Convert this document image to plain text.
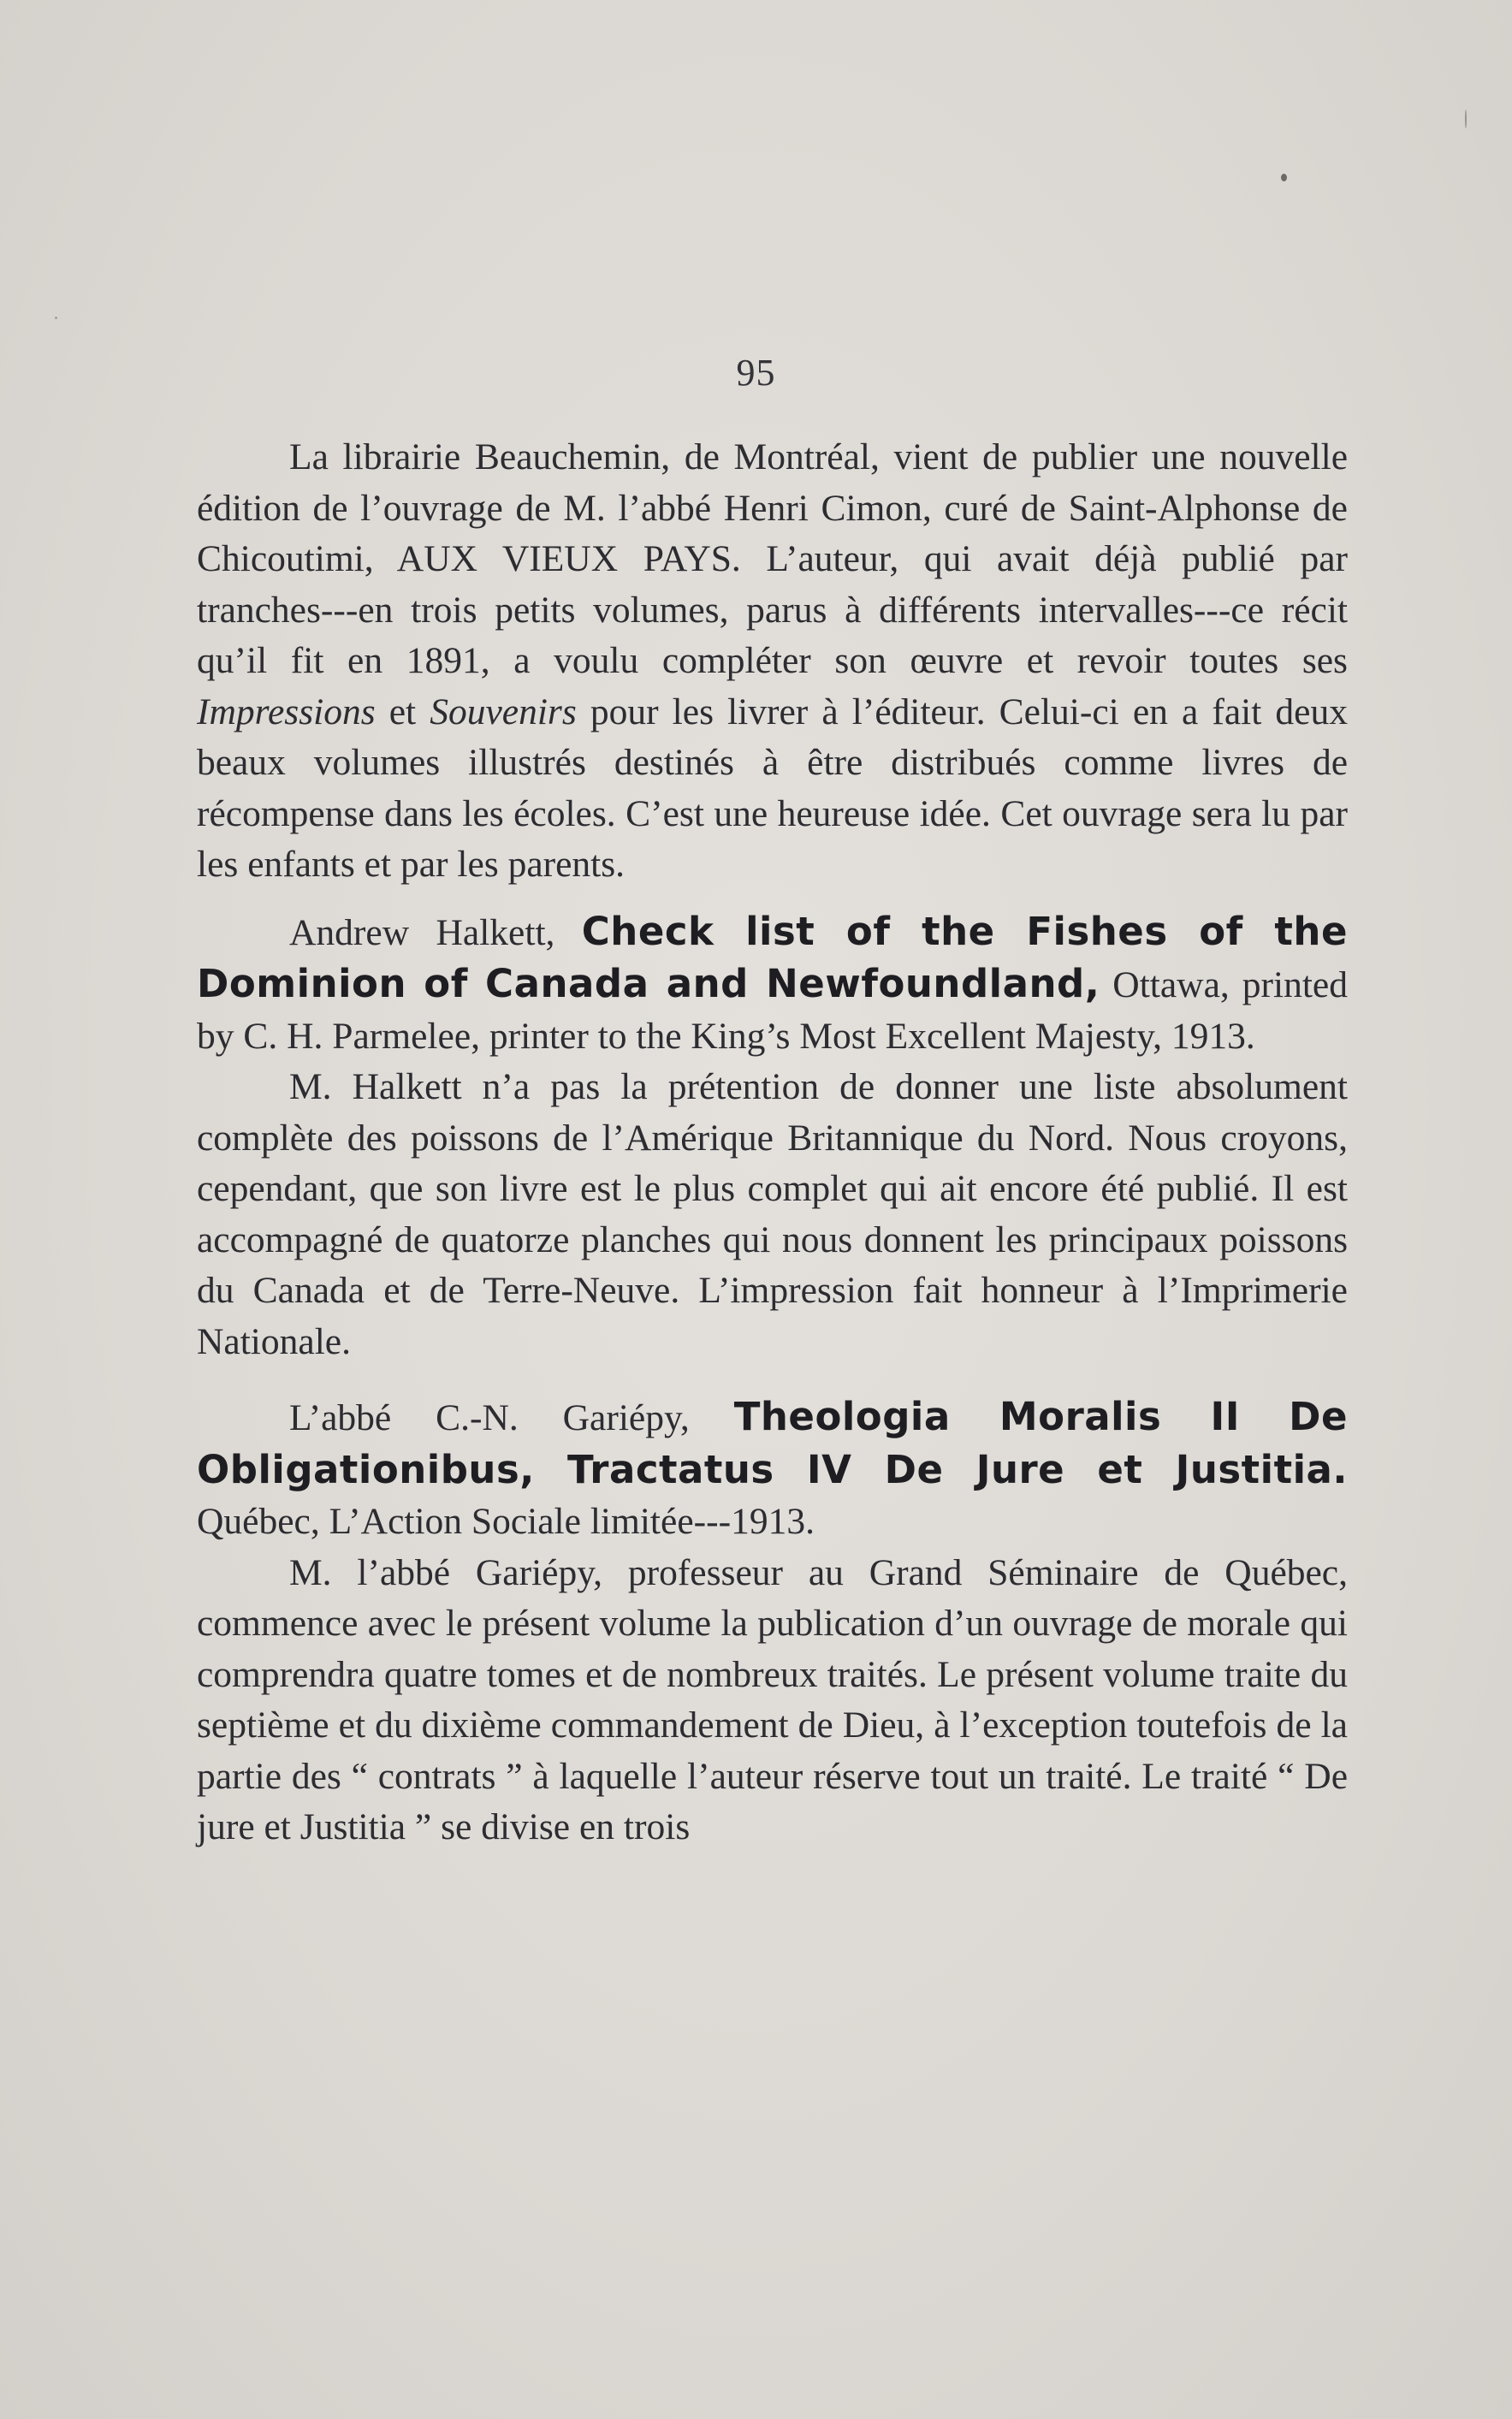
95

La librairie Beauchemin, de Montréal, vient de publier une nouvelle édition de l’ouvrage de M. l’abbé Henri Cimon, curé de Saint-Alphonse de Chicoutimi, AUX VIEUX PAYS. L’auteur, qui avait déjà publié par tranches---en trois petits volumes, parus à différents intervalles---ce récit qu’il fit en 1891, a voulu compléter son œuvre et revoir toutes ses Impressions et Souvenirs pour les livrer à l’éditeur. Celui-ci en a fait deux beaux volumes illustrés destinés à être distribués comme livres de récompense dans les écoles. C’est une heureuse idée. Cet ouvrage sera lu par les enfants et par les parents.

Andrew Halkett, Check list of the Fishes of the Dominion of Canada and Newfoundland, Ottawa, printed by C. H. Parmelee, printer to the King’s Most Excellent Majesty, 1913.

M. Halkett n’a pas la prétention de donner une liste absolument complète des poissons de l’Amérique Britannique du Nord. Nous croyons, cependant, que son livre est le plus complet qui ait encore été publié. Il est accompagné de quatorze planches qui nous donnent les principaux poissons du Canada et de Terre-Neuve. L’impression fait honneur à l’Imprimerie Nationale.

L’abbé C.-N. Gariépy, Theologia Moralis II De Obligationibus, Tractatus IV De Jure et Justitia. Québec, L’Action Sociale limitée---1913.

M. l’abbé Gariépy, professeur au Grand Séminaire de Québec, commence avec le présent volume la publication d’un ouvrage de morale qui comprendra quatre tomes et de nombreux traités. Le présent volume traite du septième et du dixième commandement de Dieu, à l’exception toutefois de la partie des “ contrats ” à laquelle l’auteur réserve tout un traité. Le traité “ De jure et Justitia ” se divise en trois
